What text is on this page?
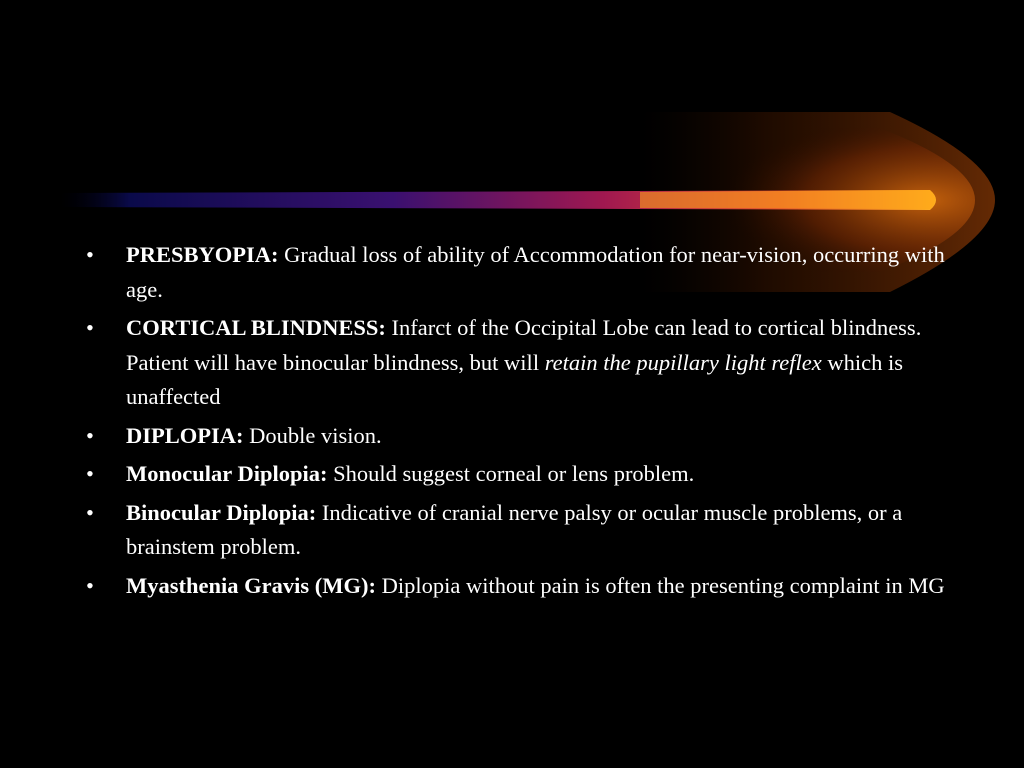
•	PRESBYOPIA: Gradual loss of ability of Accommodation for near-vision, occurring with age.
•	CORTICAL BLINDNESS: Infarct of the Occipital Lobe can lead to cortical blindness. Patient will have binocular blindness, but will retain the pupillary light reflex which is unaffected
•	DIPLOPIA: Double vision.
•	Monocular Diplopia: Should suggest corneal or lens problem.
•	Binocular Diplopia: Indicative of cranial nerve palsy or ocular muscle problems, or a brainstem problem.
•	Myasthenia Gravis (MG): Diplopia without pain is often the presenting complaint in MG
